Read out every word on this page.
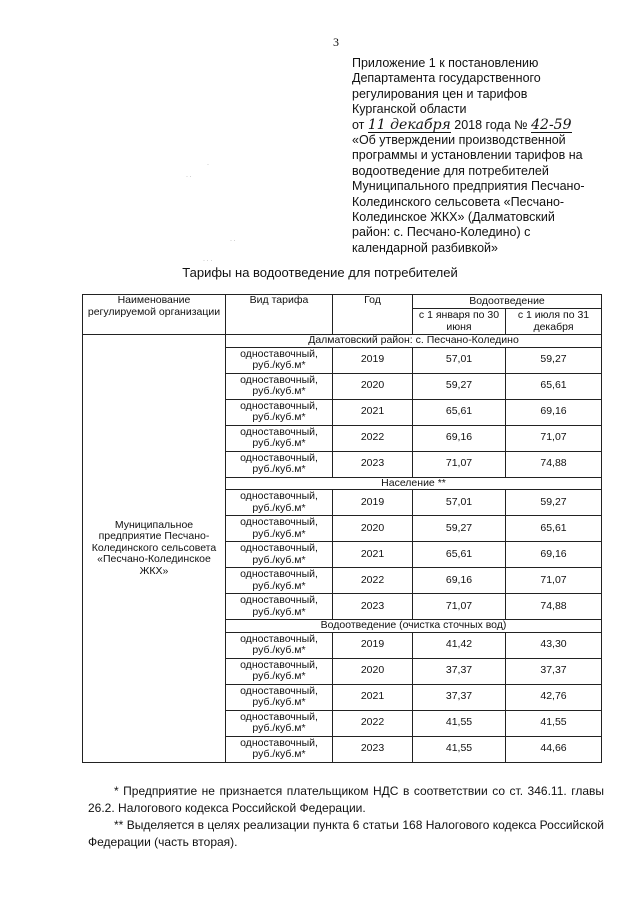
3
Приложение 1 к постановлению
Департамента государственного
регулирования цен и тарифов
Курганской области
от 11 декабря 2018 года № 42-59
«Об утверждении производственной
программы и установлении тарифов на
водоотведение для потребителей
Муниципального предприятия Песчано-
Колединского сельсовета «Песчано-
Колединское ЖКХ» (Далматовский
район: с. Песчано-Коледино) с
календарной разбивкой»
·
· ·
· ·
· · ·
Тарифы на водоотведение для потребителей
Наименование регулируемой организации	Вид тарифа	Год	Водоотведение	
			с 1 января по 30 июня	с 1 июля по 31 декабря
Муниципальное предприятие Песчано-Колединского сельсовета «Песчано-Колединское ЖКХ»	Далматовский район: с. Песчано-Коледино			
	одноставочный, руб./куб.м*	2019	57,01	59,27
	одноставочный, руб./куб.м*	2020	59,27	65,61
	одноставочный, руб./куб.м*	2021	65,61	69,16
	одноставочный, руб./куб.м*	2022	69,16	71,07
	одноставочный, руб./куб.м*	2023	71,07	74,88
	Население **			
	одноставочный, руб./куб.м*	2019	57,01	59,27
	одноставочный, руб./куб.м*	2020	59,27	65,61
	одноставочный, руб./куб.м*	2021	65,61	69,16
	одноставочный, руб./куб.м*	2022	69,16	71,07
	одноставочный, руб./куб.м*	2023	71,07	74,88
	Водоотведение (очистка сточных вод)			
	одноставочный, руб./куб.м*	2019	41,42	43,30
	одноставочный, руб./куб.м*	2020	37,37	37,37
	одноставочный, руб./куб.м*	2021	37,37	42,76
	одноставочный, руб./куб.м*	2022	41,55	41,55
	одноставочный, руб./куб.м*	2023	41,55	44,66

* Предприятие не признается плательщиком НДС в соответствии со ст. 346.11. главы 26.2. Налогового кодекса Российской Федерации.

** Выделяется в целях реализации пункта 6 статьи 168 Налогового кодекса Российской Федерации (часть вторая).
